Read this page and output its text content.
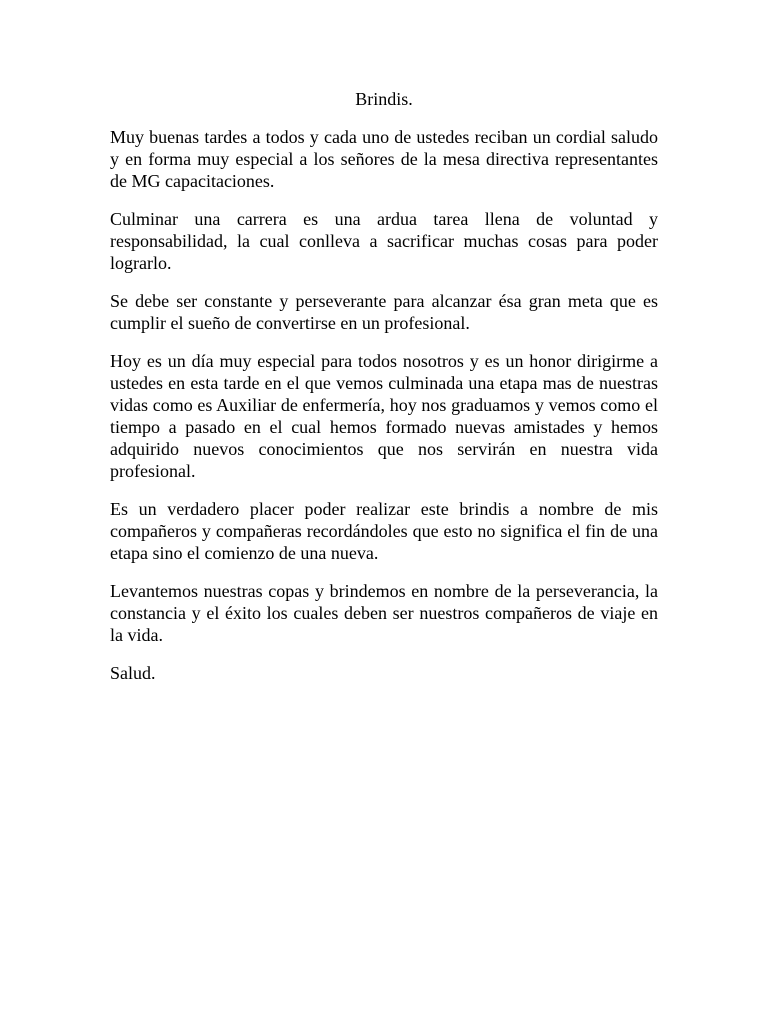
Brindis.

Muy buenas tardes a todos y cada uno de ustedes reciban un cordial saludo y en forma muy especial a los señores de la mesa directiva representantes de MG capacitaciones.

Culminar una carrera es una ardua tarea llena de voluntad y responsabilidad, la cual conlleva a sacrificar muchas cosas para poder lograrlo.

Se debe ser constante y perseverante para alcanzar ésa gran meta que es cumplir el sueño de convertirse en un profesional.

Hoy es un día muy especial para todos nosotros y es un honor dirigirme a ustedes en esta tarde en el que vemos culminada una etapa mas de nuestras vidas como es Auxiliar de enfermería, hoy nos graduamos y vemos como el tiempo a pasado en el cual hemos formado nuevas amistades y hemos adquirido nuevos conocimientos que nos servirán en nuestra vida profesional.

Es un verdadero placer poder realizar este brindis a nombre de mis compañeros y compañeras recordándoles que esto no significa el fin de una etapa sino el comienzo de una nueva.

Levantemos nuestras copas y brindemos en nombre de la perseverancia, la constancia y el éxito los cuales deben ser nuestros compañeros de viaje en la vida.

Salud.
